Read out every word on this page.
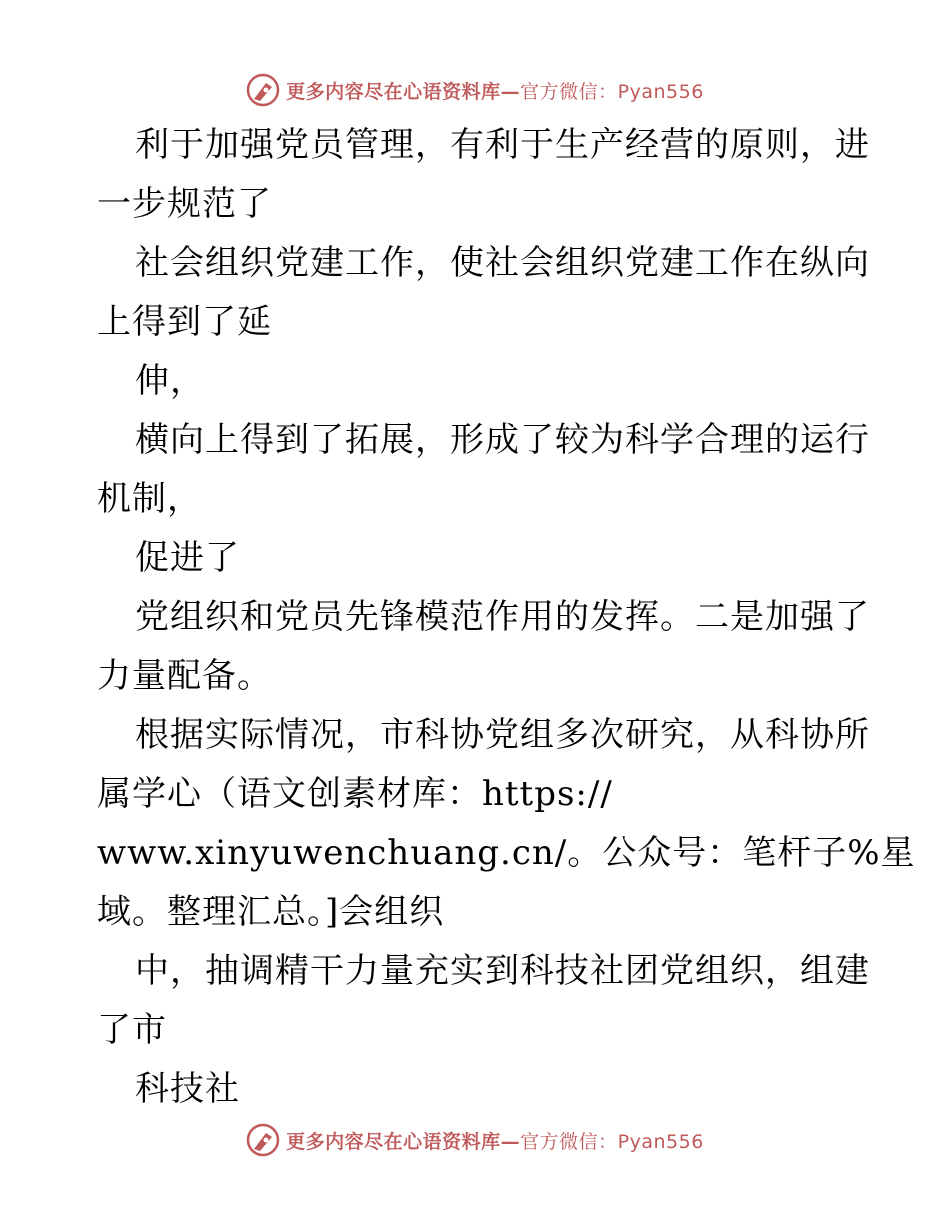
更多内容尽在心语资料库—官方微信：Pyan556
利于加强党员管理，有利于生产经营的原则，进
一步规范了
社会组织党建工作，使社会组织党建工作在纵向
上得到了延
伸，
横向上得到了拓展，形成了较为科学合理的运行
机制，
促进了
党组织和党员先锋模范作用的发挥。二是加强了
力量配备。
根据实际情况，市科协党组多次研究，从科协所
属学心（语文创素材库：https://
www.xinyuwenchuang.cn/。公众号：笔杆子%星
域。整理汇总。]会组织
中，抽调精干力量充实到科技社团党组织，组建
了市
科技社
更多内容尽在心语资料库—官方微信：Pyan556
